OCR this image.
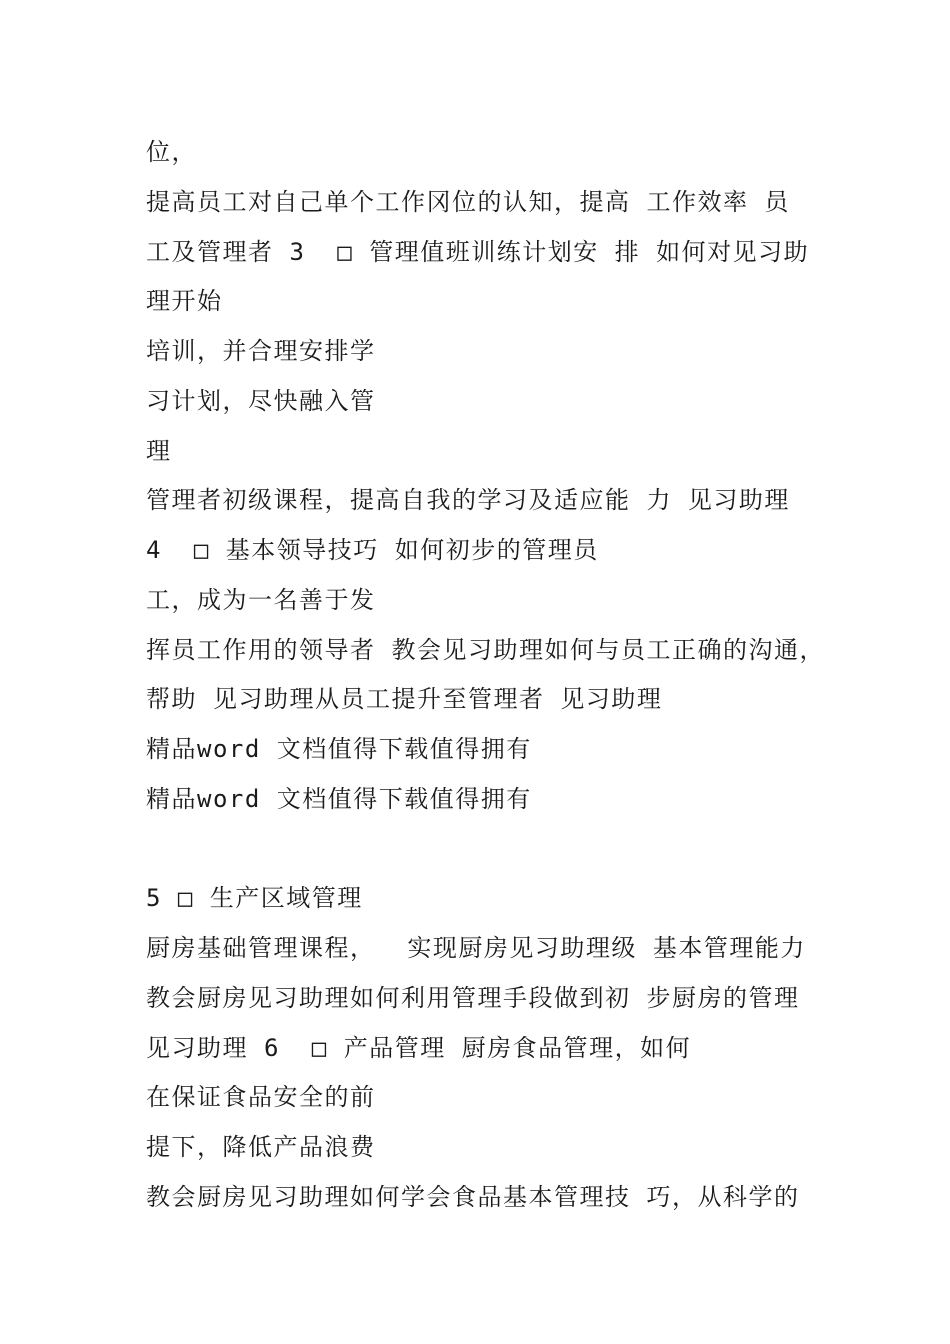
位，
提高员工对自己单个工作冈位的认知，提高 工作效率 员
工及管理者 3  □ 管理值班训练计划安 排 如何对见习助
理开始
培训，并合理安排学
习计划，尽快融入管
理
管理者初级课程，提高自我的学习及适应能 力 见习助理
4  □ 基本领导技巧 如何初步的管理员
工，成为一名善于发
挥员工作用的领导者 教会见习助理如何与员工正确的沟通，
帮助 见习助理从员工提升至管理者 见习助理
精品word 文档值得下载值得拥有
精品word 文档值得下载值得拥有
5 □ 生产区域管理
厨房基础管理课程，  实现厨房见习助理级 基本管理能力
教会厨房见习助理如何利用管理手段做到初 步厨房的管理
见习助理 6  □ 产品管理 厨房食品管理，如何
在保证食品安全的前
提下，降低产品浪费
教会厨房见习助理如何学会食品基本管理技 巧，从科学的
